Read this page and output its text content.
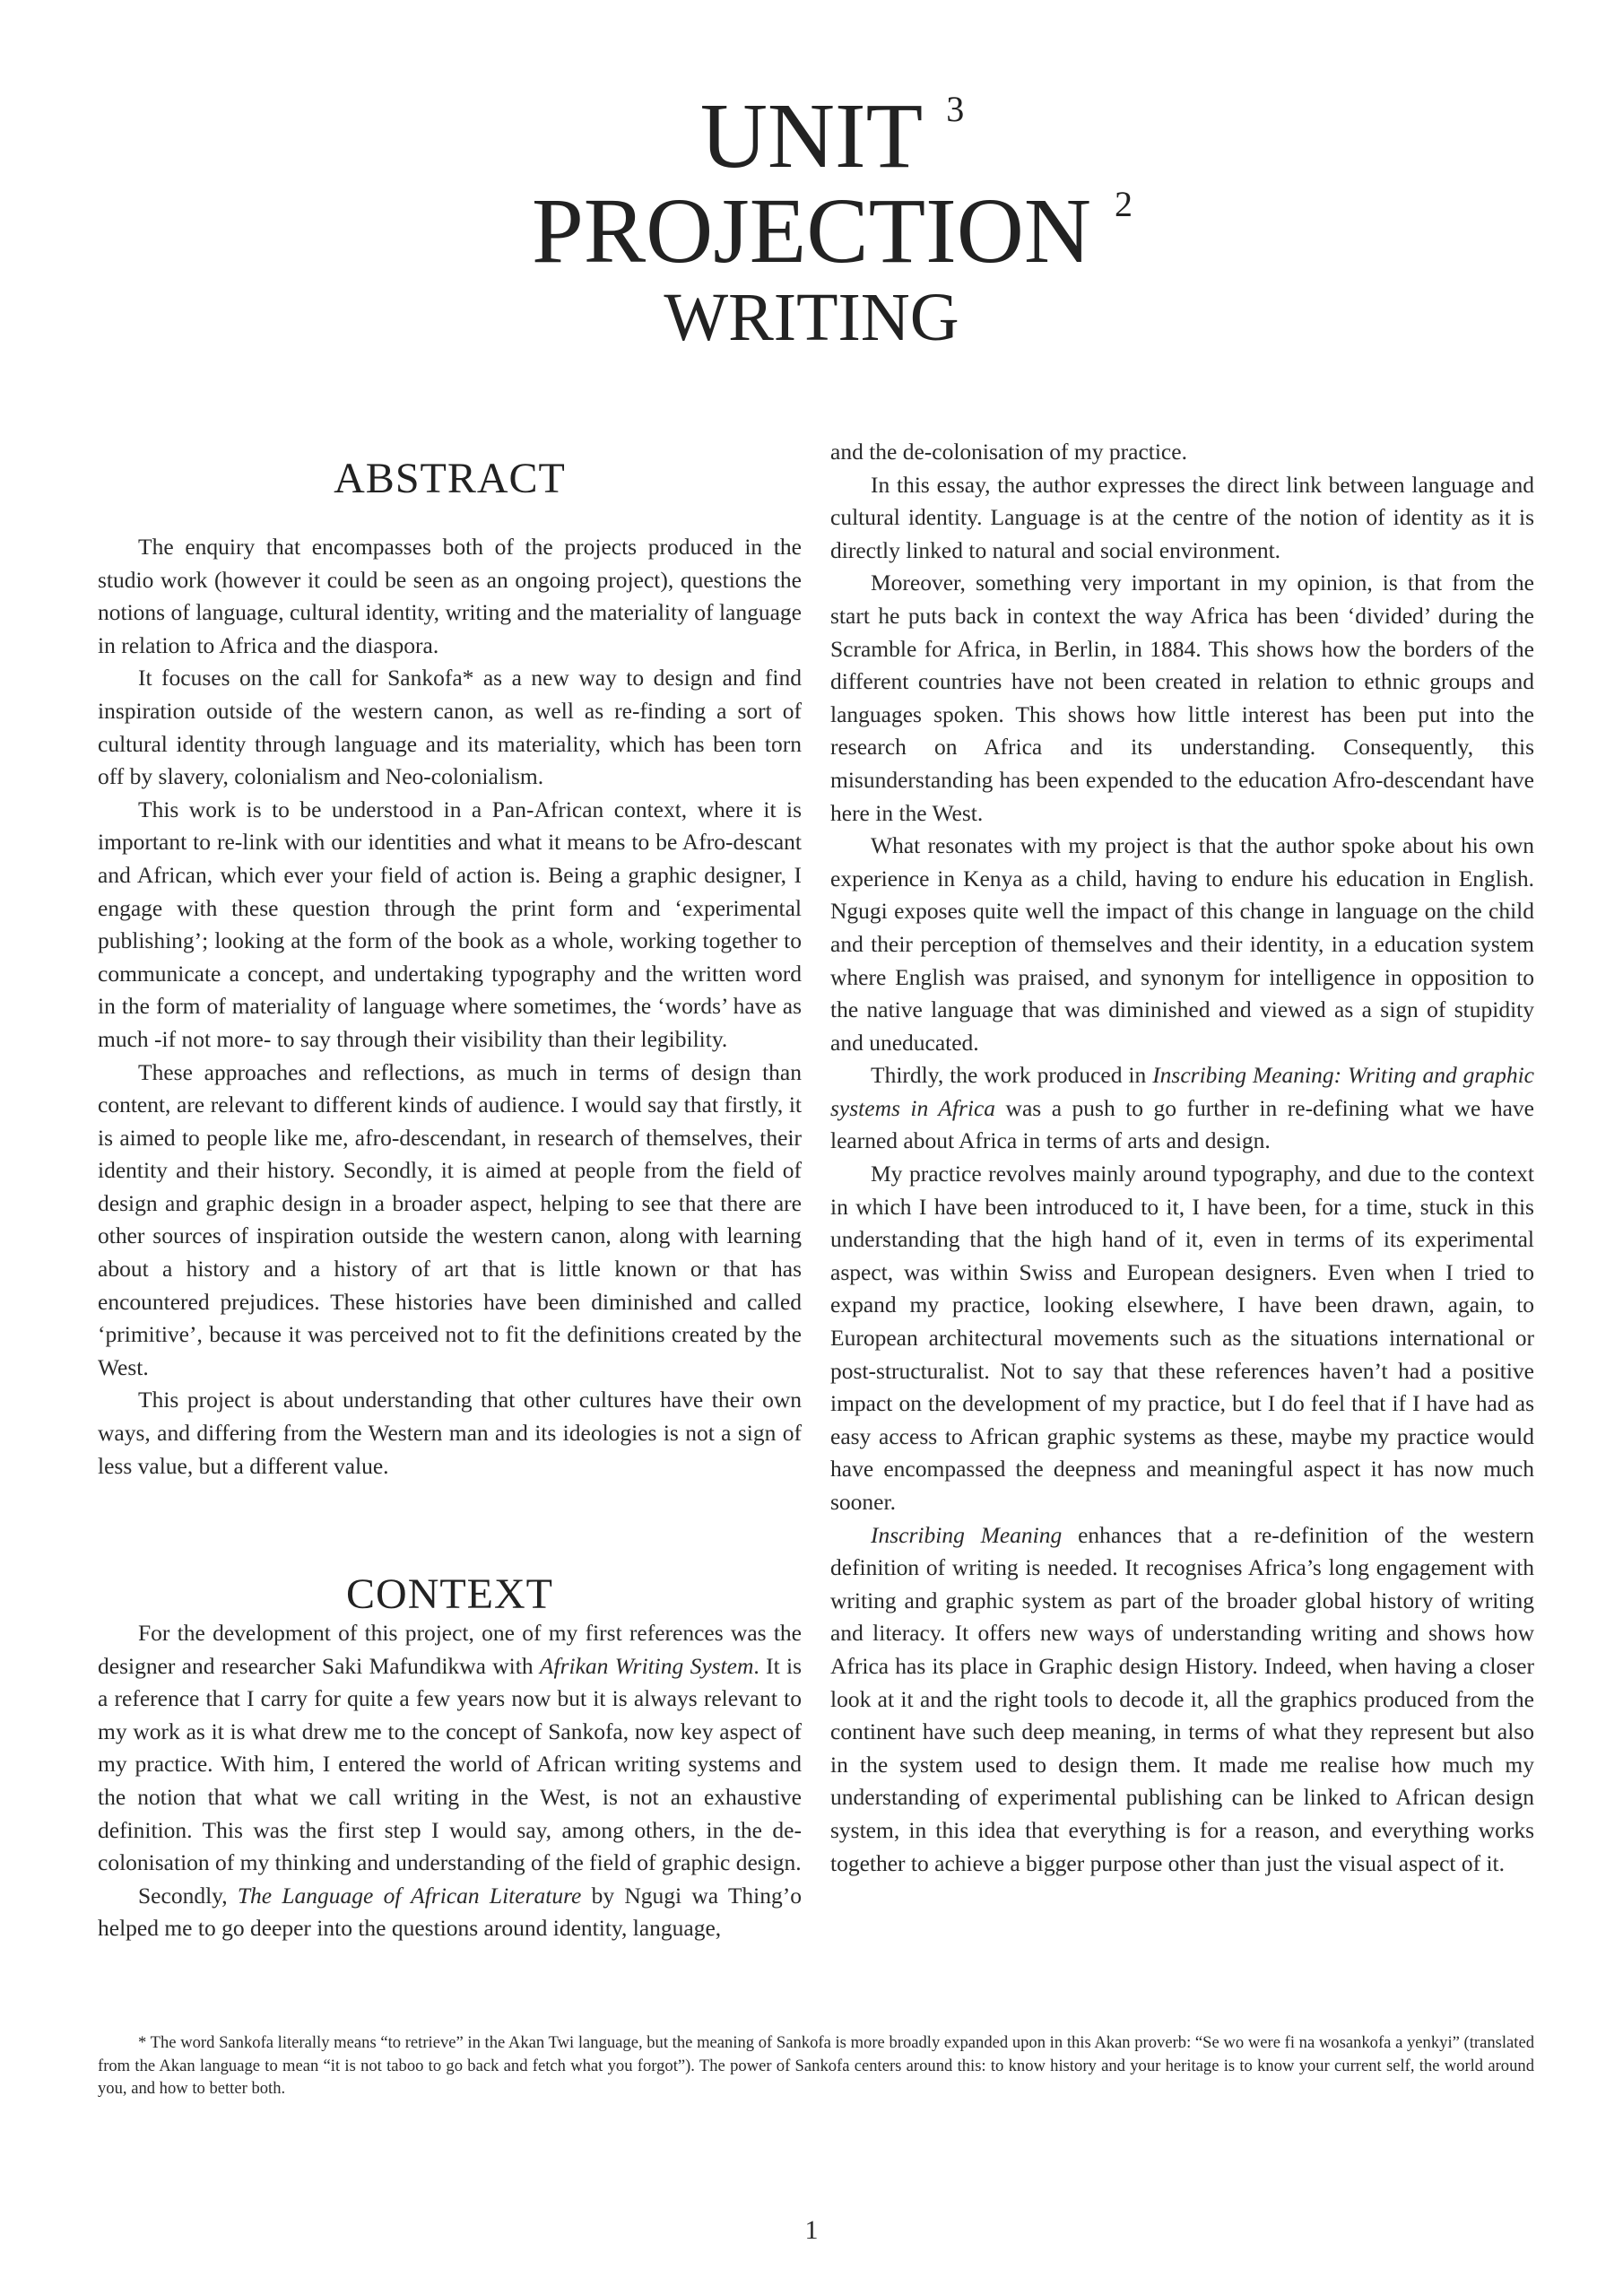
UNIT 3
PROJECTION 2
WRITING
ABSTRACT

The enquiry that encompasses both of the projects produced in the studio work (however it could be seen as an ongoing project), questions the notions of language, cultural identity, writing and the materiality of language in relation to Africa and the diaspora.

It focuses on the call for Sankofa* as a new way to design and find inspiration outside of the western canon, as well as re-finding a sort of cultural identity through language and its materiality, which has been torn off by slavery, colonialism and Neo-colonialism.

This work is to be understood in a Pan-African context, where it is important to re-link with our identities and what it means to be Afro-descant and African, which ever your field of action is. Being a graphic designer, I engage with these question through the print form and ‘experimental publishing’; looking at the form of the book as a whole, working together to communicate a concept, and undertaking typography and the written word in the form of materiality of language where sometimes, the ‘words’ have as much -if not more- to say through their visibility than their legibility.

These approaches and reflections, as much in terms of design than content, are relevant to different kinds of audience. I would say that firstly, it is aimed to people like me, afro-descendant, in research of themselves, their identity and their history. Secondly, it is aimed at people from the field of design and graphic design in a broader aspect, helping to see that there are other sources of inspiration outside the western canon, along with learning about a history and a history of art that is little known or that has encountered prejudices. These histories have been diminished and called ‘primitive’, because it was perceived not to fit the definitions created by the West.

This project is about understanding that other cultures have their own ways, and differing from the Western man and its ideologies is not a sign of less value, but a different value.

CONTEXT

For the development of this project, one of my first references was the designer and researcher Saki Mafundikwa with Afrikan Writing System. It is a reference that I carry for quite a few years now but it is always relevant to my work as it is what drew me to the concept of Sankofa, now key aspect of my practice. With him, I entered the world of African writing systems and the notion that what we call writing in the West, is not an exhaustive definition. This was the first step I would say, among others, in the de-colonisation of my thinking and understanding of the field of graphic design.

Secondly, The Language of African Literature by Ngugi wa Thing’o helped me to go deeper into the questions around identity, language,

and the de-colonisation of my practice.

In this essay, the author expresses the direct link between language and cultural identity. Language is at the centre of the notion of identity as it is directly linked to natural and social environment.

Moreover, something very important in my opinion, is that from the start he puts back in context the way Africa has been ‘divided’ during the Scramble for Africa, in Berlin, in 1884. This shows how the borders of the different countries have not been created in relation to ethnic groups and languages spoken. This shows how little interest has been put into the research on Africa and its understanding. Consequently, this misunderstanding has been expended to the education Afro-descendant have here in the West.

What resonates with my project is that the author spoke about his own experience in Kenya as a child, having to endure his education in English. Ngugi exposes quite well the impact of this change in language on the child and their perception of themselves and their identity, in a education system where English was praised, and synonym for intelligence in opposition to the native language that was diminished and viewed as a sign of stupidity and uneducated.

Thirdly, the work produced in Inscribing Meaning: Writing and graphic systems in Africa was a push to go further in re-defining what we have learned about Africa in terms of arts and design.

My practice revolves mainly around typography, and due to the context in which I have been introduced to it, I have been, for a time, stuck in this understanding that the high hand of it, even in terms of its experimental aspect, was within Swiss and European designers. Even when I tried to expand my practice, looking elsewhere, I have been drawn, again, to European architectural movements such as the situations international or post-structuralist. Not to say that these references haven’t had a positive impact on the development of my practice, but I do feel that if I have had as easy access to African graphic systems as these, maybe my practice would have encompassed the deepness and meaningful aspect it has now much sooner.

Inscribing Meaning enhances that a re-definition of the western definition of writing is needed. It recognises Africa’s long engagement with writing and graphic system as part of the broader global history of writing and literacy. It offers new ways of understanding writing and shows how Africa has its place in Graphic design History. Indeed, when having a closer look at it and the right tools to decode it, all the graphics produced from the continent have such deep meaning, in terms of what they represent but also in the system used to design them. It made me realise how much my understanding of experimental publishing can be linked to African design system, in this idea that everything is for a reason, and everything works together to achieve a bigger purpose other than just the visual aspect of it.

* The word Sankofa literally means “to retrieve” in the Akan Twi language, but the meaning of Sankofa is more broadly expanded upon in this Akan proverb: “Se wo were fi na wosankofa a yenkyi” (translated from the Akan language to mean “it is not taboo to go back and fetch what you forgot”). The power of Sankofa centers around this: to know history and your heritage is to know your current self, the world around you, and how to better both.

1
